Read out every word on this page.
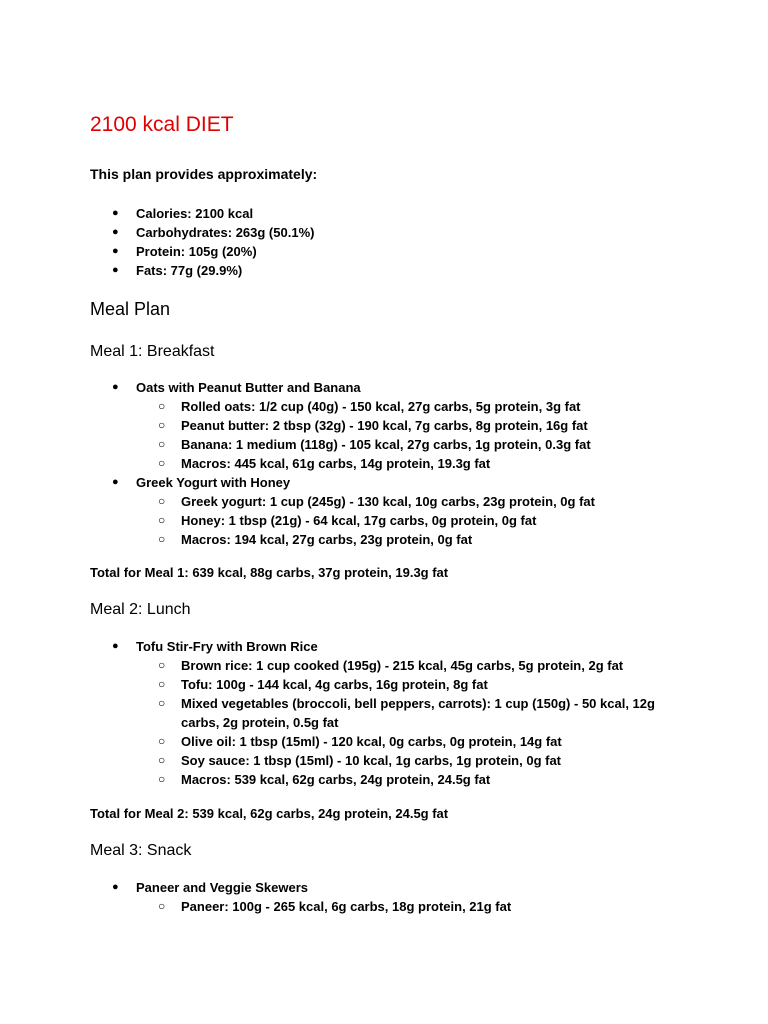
2100 kcal DIET

This plan provides approximately:

● Calories: 2100 kcal
● Carbohydrates: 263g (50.1%)
● Protein: 105g (20%)
● Fats: 77g (29.9%)
Meal Plan
Meal 1: Breakfast
● Oats with Peanut Butter and Banana
○ Rolled oats: 1/2 cup (40g) - 150 kcal, 27g carbs, 5g protein, 3g fat
○ Peanut butter: 2 tbsp (32g) - 190 kcal, 7g carbs, 8g protein, 16g fat
○ Banana: 1 medium (118g) - 105 kcal, 27g carbs, 1g protein, 0.3g fat
○ Macros: 445 kcal, 61g carbs, 14g protein, 19.3g fat
● Greek Yogurt with Honey
○ Greek yogurt: 1 cup (245g) - 130 kcal, 10g carbs, 23g protein, 0g fat
○ Honey: 1 tbsp (21g) - 64 kcal, 17g carbs, 0g protein, 0g fat
○ Macros: 194 kcal, 27g carbs, 23g protein, 0g fat

Total for Meal 1: 639 kcal, 88g carbs, 37g protein, 19.3g fat

Meal 2: Lunch
● Tofu Stir-Fry with Brown Rice
○ Brown rice: 1 cup cooked (195g) - 215 kcal, 45g carbs, 5g protein, 2g fat
○ Tofu: 100g - 144 kcal, 4g carbs, 16g protein, 8g fat
○ Mixed vegetables (broccoli, bell peppers, carrots): 1 cup (150g) - 50 kcal, 12g carbs, 2g protein, 0.5g fat
○ Olive oil: 1 tbsp (15ml) - 120 kcal, 0g carbs, 0g protein, 14g fat
○ Soy sauce: 1 tbsp (15ml) - 10 kcal, 1g carbs, 1g protein, 0g fat
○ Macros: 539 kcal, 62g carbs, 24g protein, 24.5g fat

Total for Meal 2: 539 kcal, 62g carbs, 24g protein, 24.5g fat

Meal 3: Snack
● Paneer and Veggie Skewers
○ Paneer: 100g - 265 kcal, 6g carbs, 18g protein, 21g fat
